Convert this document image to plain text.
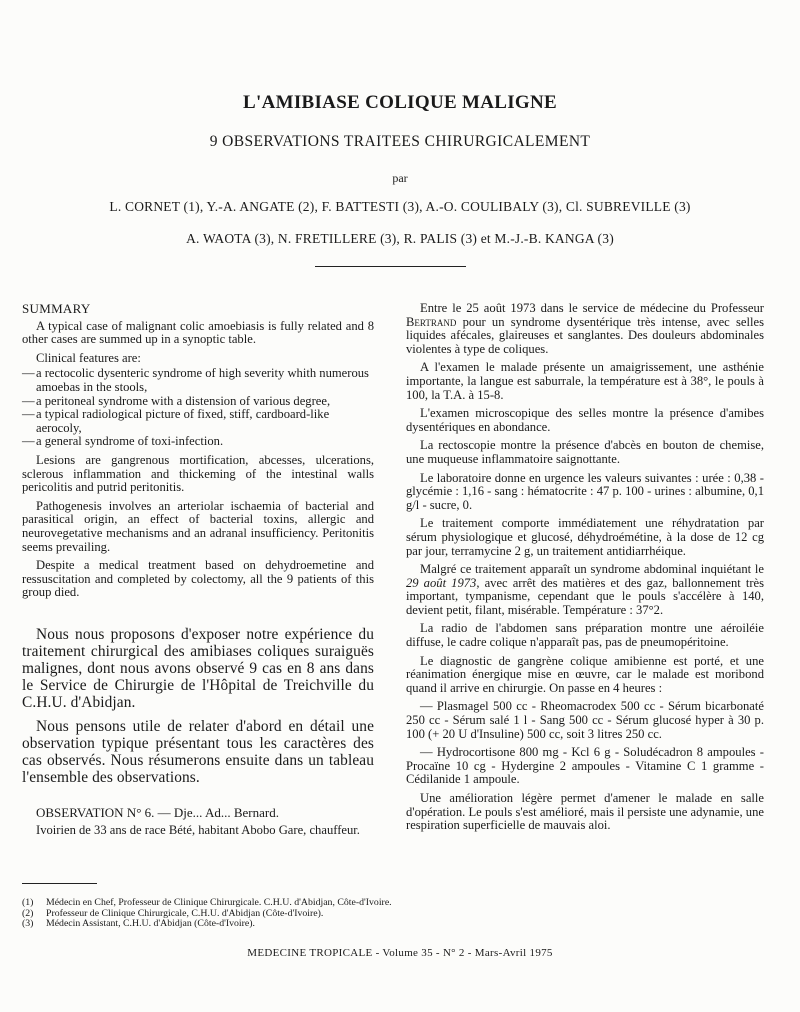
L'AMIBIASE COLIQUE MALIGNE
9 OBSERVATIONS TRAITEES CHIRURGICALEMENT
par
L. CORNET (1), Y.-A. ANGATE (2), F. BATTESTI (3), A.-O. COULIBALY (3), Cl. SUBREVILLE (3)
A. WAOTA (3), N. FRETILLERE (3), R. PALIS (3) et M.-J.-B. KANGA (3)
SUMMARY

A typical case of malignant colic amoebiasis is fully related and 8 other cases are summed up in a synoptic table.

Clinical features are:

— a rectocolic dysenteric syndrome of high severity whith numerous amoebas in the stools,
— a peritoneal syndrome with a distension of various degree,
— a typical radiological picture of fixed, stiff, cardboard-like aerocoly,
— a general syndrome of toxi-infection.

Lesions are gangrenous mortification, abcesses, ulcerations, sclerous inflammation and thickeming of the intestinal walls pericolitis and putrid peritonitis.

Pathogenesis involves an arteriolar ischaemia of bacterial and parasitical origin, an effect of bacterial toxins, allergic and neurovegetative mechanisms and an adranal insufficiency. Peritonitis seems prevailing.

Despite a medical treatment based on dehydroemetine and ressuscitation and completed by colectomy, all the 9 patients of this group died.

Nous nous proposons d'exposer notre expérience du traitement chirurgical des amibiases coliques suraiguës malignes, dont nous avons observé 9 cas en 8 ans dans le Service de Chirurgie de l'Hôpital de Treichville du C.H.U. d'Abidjan.

Nous pensons utile de relater d'abord en détail une observation typique présentant tous les caractères des cas observés. Nous résumerons ensuite dans un tableau l'ensemble des observations.

OBSERVATION N° 6. — Dje... Ad... Bernard.

Ivoirien de 33 ans de race Bété, habitant Abobo Gare, chauffeur.

Entre le 25 août 1973 dans le service de médecine du Professeur Bertrand pour un syndrome dysentérique très intense, avec selles liquides afécales, glaireuses et sanglantes. Des douleurs abdominales violentes à type de coliques.

A l'examen le malade présente un amaigrissement, une asthénie importante, la langue est saburrale, la température est à 38°, le pouls à 100, la T.A. à 15-8.

L'examen microscopique des selles montre la présence d'amibes dysentériques en abondance.

La rectoscopie montre la présence d'abcès en bouton de chemise, une muqueuse inflammatoire saignottante.

Le laboratoire donne en urgence les valeurs suivantes : urée : 0,38 - glycémie : 1,16 - sang : hématocrite : 47 p. 100 - urines : albumine, 0,1 g/l - sucre, 0.

Le traitement comporte immédiatement une réhydratation par sérum physiologique et glucosé, déhydroémétine, à la dose de 12 cg par jour, terramycine 2 g, un traitement antidiarrhéique.

Malgré ce traitement apparaît un syndrome abdominal inquiétant le 29 août 1973, avec arrêt des matières et des gaz, ballonnement très important, tympanisme, cependant que le pouls s'accélère à 140, devient petit, filant, misérable. Température : 37°2.

La radio de l'abdomen sans préparation montre une aéroiléie diffuse, le cadre colique n'apparaît pas, pas de pneumopéritoine.

Le diagnostic de gangrène colique amibienne est porté, et une réanimation énergique mise en œuvre, car le malade est moribond quand il arrive en chirurgie. On passe en 4 heures :

— Plasmagel 500 cc - Rheomacrodex 500 cc - Sérum bicarbonaté 250 cc - Sérum salé 1 l - Sang 500 cc - Sérum glucosé hyper à 30 p. 100 (+ 20 U d'Insuline) 500 cc, soit 3 litres 250 cc.

— Hydrocortisone 800 mg - Kcl 6 g - Soludécadron 8 ampoules - Procaïne 10 cg - Hydergine 2 ampoules - Vitamine C 1 gramme - Cédilanide 1 ampoule.

Une amélioration légère permet d'amener le malade en salle d'opération. Le pouls s'est amélioré, mais il persiste une adynamie, une respiration superficielle de mauvais aloi.

(1) Médecin en Chef, Professeur de Clinique Chirurgicale. C.H.U. d'Abidjan, Côte-d'Ivoire.
(2) Professeur de Clinique Chirurgicale, C.H.U. d'Abidjan (Côte-d'Ivoire).
(3) Médecin Assistant, C.H.U. d'Abidjan (Côte-d'Ivoire).
MEDECINE TROPICALE - Volume 35 - N° 2 - Mars-Avril 1975
